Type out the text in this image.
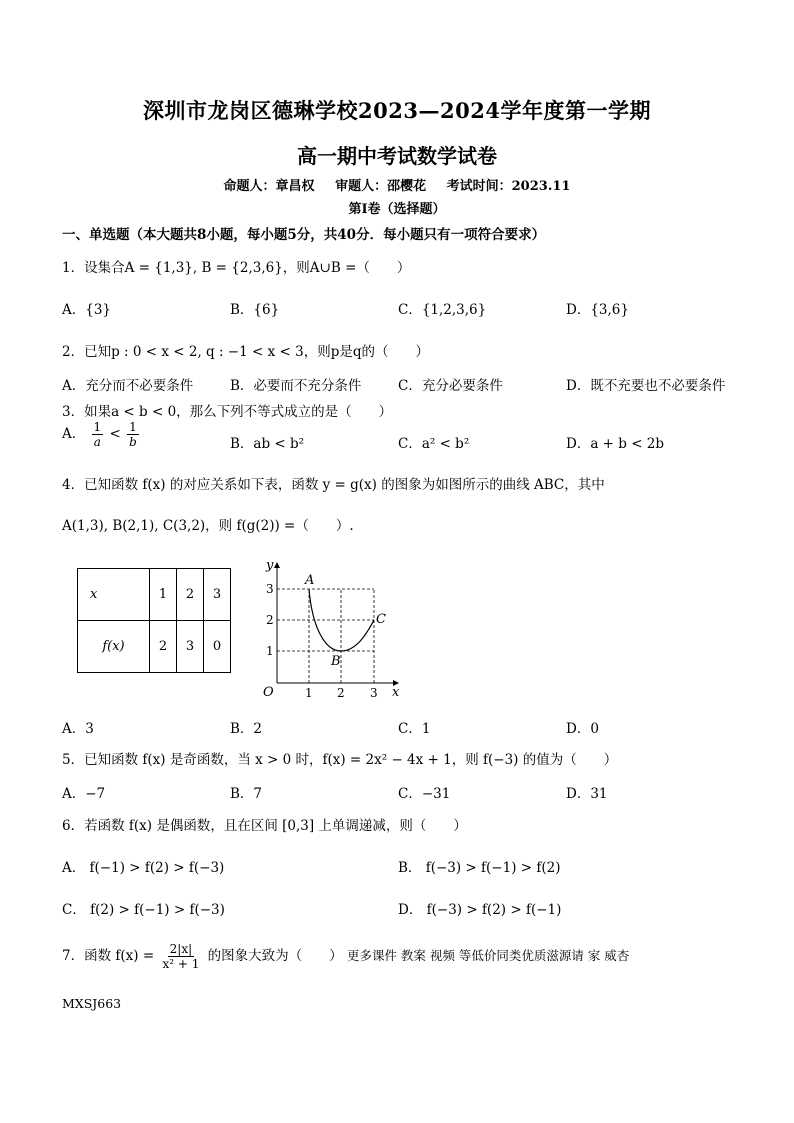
深圳市龙岗区德琳学校2023—2024学年度第一学期
高一期中考试数学试卷
命题人：章昌权 审题人：邵樱花 考试时间：2023.11
第Ⅰ卷（选择题）
一、单选题（本大题共8小题，每小题5分，共40分．每小题只有一项符合要求）
1．设集合A = {1,3}, B = {2,3,6}，则A∪B =（　　）
A．{3}	B．{6}	C．{1,2,3,6}	D．{3,6}
2．已知p : 0 < x < 2, q : −1 < x < 3，则p是q的（　　）
A．充分而不必要条件	B．必要而不充分条件	C．充分必要条件	D．既不充要也不必要条件
3．如果a < b < 0，那么下列不等式成立的是（　　）
A． $\frac{1}{a} < \frac{1}{b}$	B．ab < b²	C．a² < b²	D．a + b < 2b
4．已知函数 f(x) 的对应关系如下表，函数 y = g(x) 的图象为如图所示的曲线 ABC，其中
A(1,3), B(2,1), C(3,2)，则 f(g(2)) =（　　）.
x	1	2	3
f(x)	2	3	0
y
x
O	1 2 3
1
2
3
A
B
C
A．3	B．2	C．1	D．0
5．已知函数 f(x) 是奇函数，当 x > 0 时，f(x) = 2x² − 4x + 1，则 f(−3) 的值为（　　）
A．−7	B．7	C．−31	D．31
6．若函数 f(x) 是偶函数，且在区间 [0,3] 上单调递减，则（　　）
A． f(−1) > f(2) > f(−3)	B． f(−3) > f(−1) > f(2)
C． f(2) > f(−1) > f(−3)	D． f(−3) > f(2) > f(−1)
7．函数 $f(x) = \frac{2|x|}{\text{x² + 1}}$ 的图象大致为（　　） 更多课件 教案 视频 等低价同类优质滋源请 家 威杏
MXSJ663
